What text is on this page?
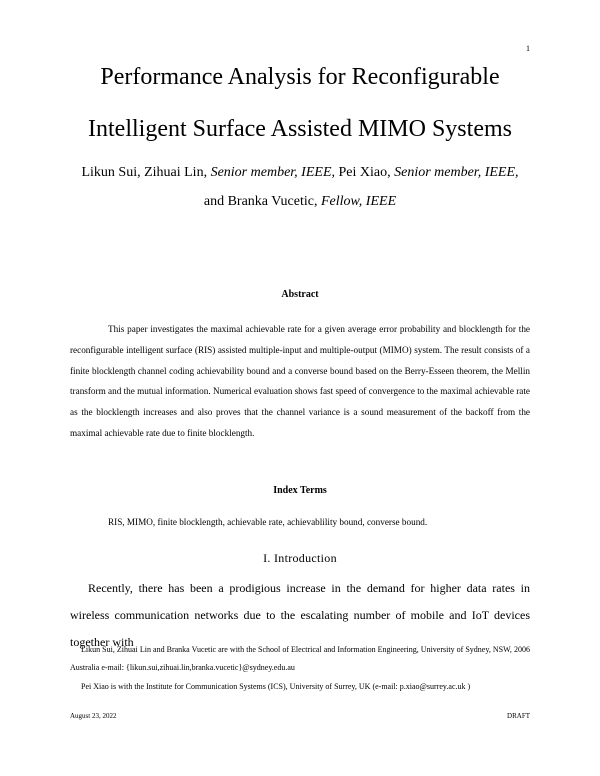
1
Performance Analysis for Reconfigurable
Intelligent Surface Assisted MIMO Systems
Likun Sui, Zihuai Lin, Senior member, IEEE, Pei Xiao, Senior member, IEEE,
and Branka Vucetic, Fellow, IEEE
Abstract

This paper investigates the maximal achievable rate for a given average error probability and blocklength for the reconfigurable intelligent surface (RIS) assisted multiple-input and multiple-output (MIMO) system. The result consists of a finite blocklength channel coding achievability bound and a converse bound based on the Berry-Esseen theorem, the Mellin transform and the mutual information. Numerical evaluation shows fast speed of convergence to the maximal achievable rate as the blocklength increases and also proves that the channel variance is a sound measurement of the backoff from the maximal achievable rate due to finite blocklength.

Index Terms

RIS, MIMO, finite blocklength, achievable rate, achievablility bound, converse bound.

I. Introduction

Recently, there has been a prodigious increase in the demand for higher data rates in wireless communication networks due to the escalating number of mobile and IoT devices together with

Likun Sui, Zihuai Lin and Branka Vucetic are with the School of Electrical and Information Engineering, University of Sydney, NSW, 2006 Australia e-mail: {likun.sui,zihuai.lin,branka.vucetic}@sydney.edu.au

Pei Xiao is with the Institute for Communication Systems (ICS), University of Surrey, UK (e-mail: p.xiao@surrey.ac.uk )

August 23, 2022	DRAFT
